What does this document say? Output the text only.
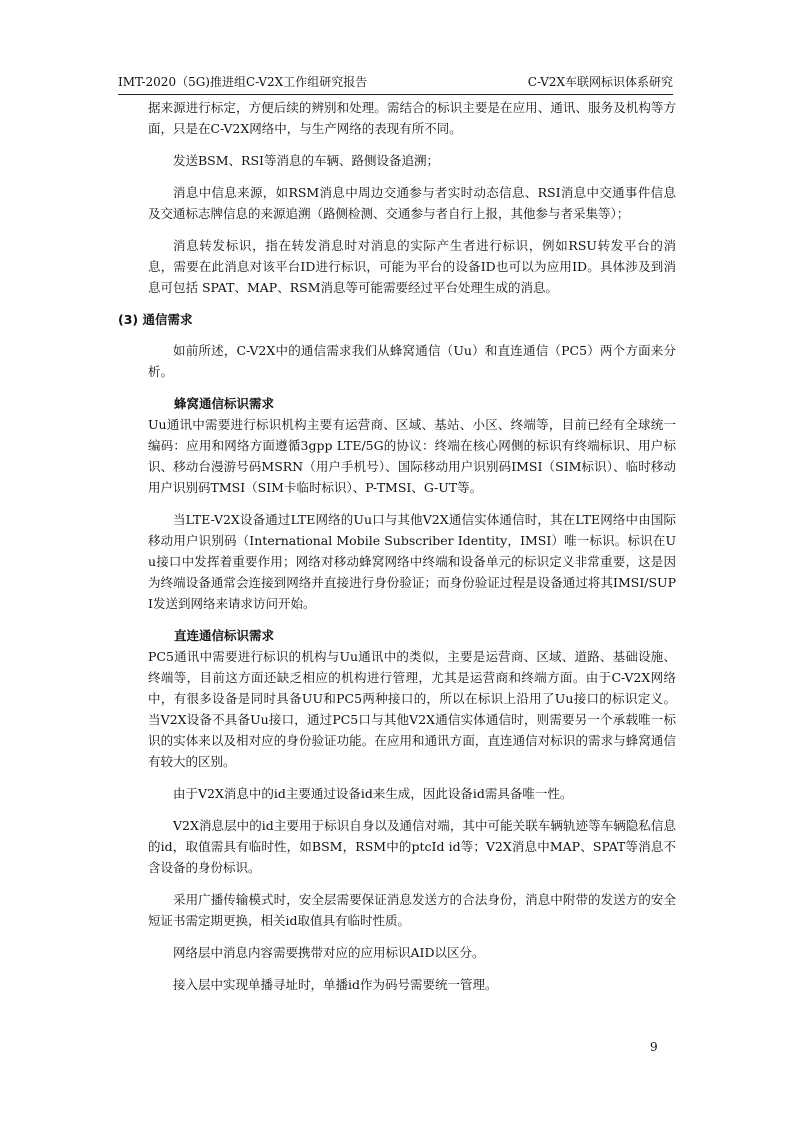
IMT-2020（5G)推进组C-V2X工作组研究报告	C-V2X车联网标识体系研究

据来源进行标定，方便后续的辨别和处理。需结合的标识主要是在应用、通讯、服务及机构等方面，只是在C-V2X网络中，与生产网络的表现有所不同。

发送BSM、RSI等消息的车辆、路侧设备追溯；

消息中信息来源，如RSM消息中周边交通参与者实时动态信息、RSI消息中交通事件信息及交通标志牌信息的来源追溯（路侧检测、交通参与者自行上报，其他参与者采集等）；

消息转发标识，指在转发消息时对消息的实际产生者进行标识，例如RSU转发平台的消息，需要在此消息对该平台ID进行标识，可能为平台的设备ID也可以为应用ID。具体涉及到消息可包括 SPAT、MAP、RSM消息等可能需要经过平台处理生成的消息。

(3) 通信需求

如前所述，C-V2X中的通信需求我们从蜂窝通信（Uu）和直连通信（PC5）两个方面来分析。

蜂窝通信标识需求

Uu通讯中需要进行标识机构主要有运营商、区域、基站、小区、终端等，目前已经有全球统一编码：应用和网络方面遵循3gpp LTE/5G的协议：终端在核心网侧的标识有终端标识、用户标识、移动台漫游号码MSRN（用户手机号）、国际移动用户识别码IMSI（SIM标识）、临时移动用户识别码TMSI（SIM卡临时标识）、P-TMSI、G-UT等。

当LTE-V2X设备通过LTE网络的Uu口与其他V2X通信实体通信时，其在LTE网络中由国际移动用户识别码（International Mobile Subscriber Identity，IMSI）唯一标识。标识在Uu接口中发挥着重要作用；网络对移动蜂窝网络中终端和设备单元的标识定义非常重要，这是因为终端设备通常会连接到网络并直接进行身份验证；而身份验证过程是设备通过将其IMSI/SUPI发送到网络来请求访问开始。

直连通信标识需求

PC5通讯中需要进行标识的机构与Uu通讯中的类似，主要是运营商、区域、道路、基础设施、终端等，目前这方面还缺乏相应的机构进行管理，尤其是运营商和终端方面。由于C-V2X网络中，有很多设备是同时具备UU和PC5两种接口的，所以在标识上沿用了Uu接口的标识定义。当V2X设备不具备Uu接口，通过PC5口与其他V2X通信实体通信时，则需要另一个承载唯一标识的实体来以及相对应的身份验证功能。在应用和通讯方面，直连通信对标识的需求与蜂窝通信有较大的区别。

由于V2X消息中的id主要通过设备id来生成，因此设备id需具备唯一性。

V2X消息层中的id主要用于标识自身以及通信对端，其中可能关联车辆轨迹等车辆隐私信息的id，取值需具有临时性，如BSM，RSM中的ptcId id等；V2X消息中MAP、SPAT等消息不含设备的身份标识。

采用广播传输模式时，安全层需要保证消息发送方的合法身份，消息中附带的发送方的安全短证书需定期更换，相关id取值具有临时性质。

网络层中消息内容需要携带对应的应用标识AID以区分。

接入层中实现单播寻址时，单播id作为码号需要统一管理。

9
